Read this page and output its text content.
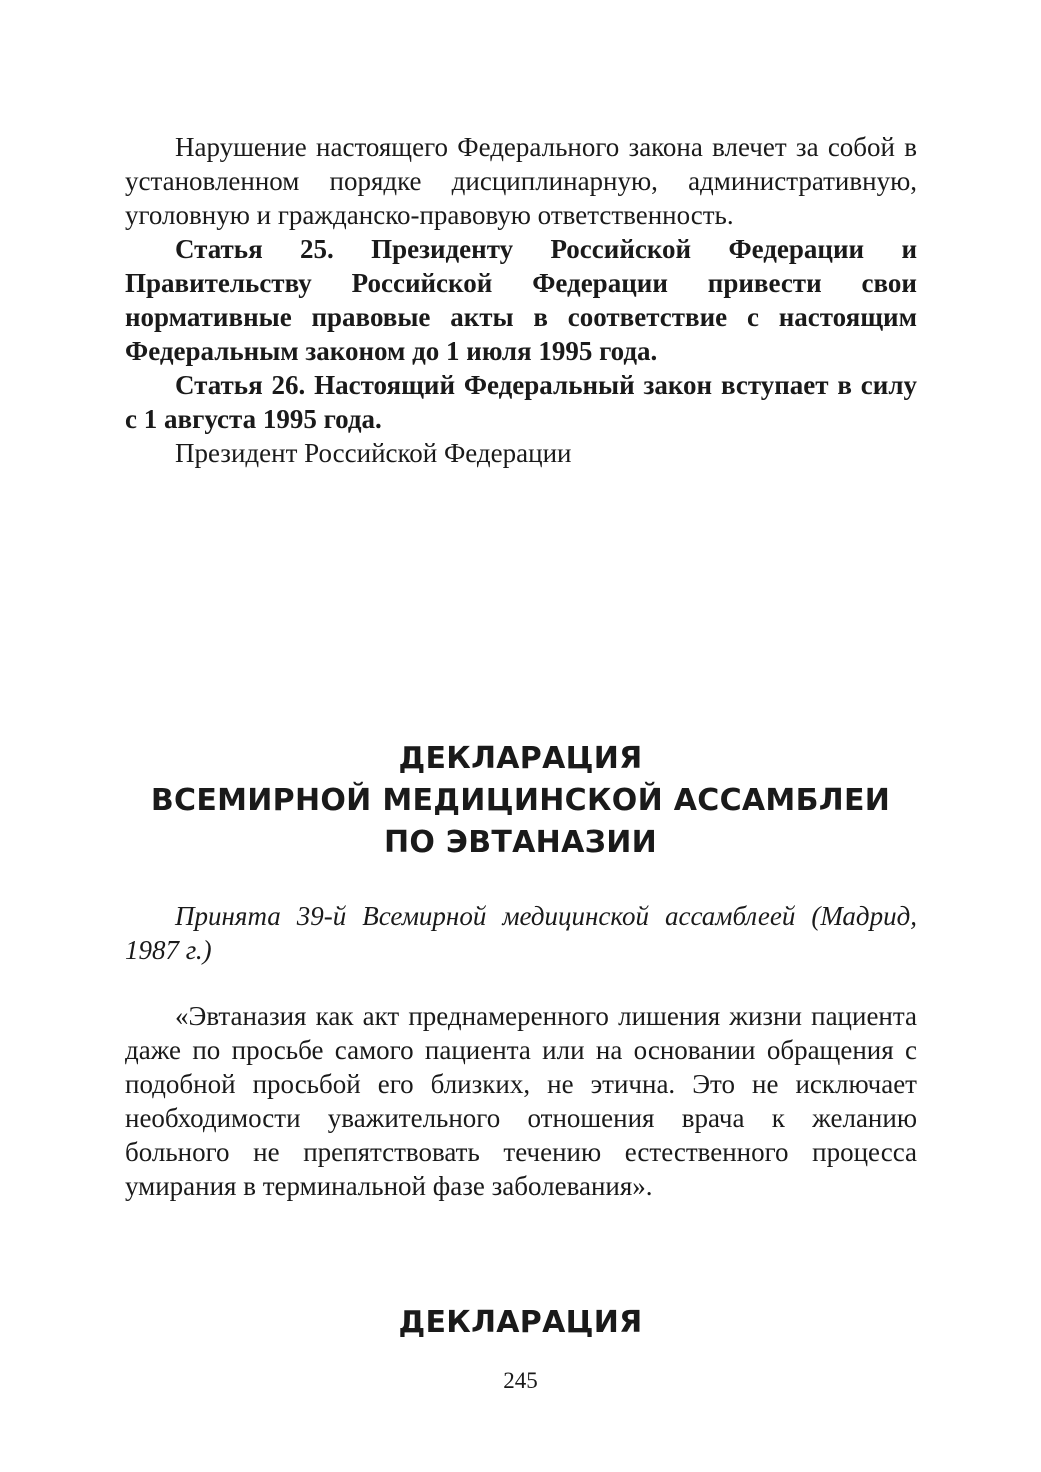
Нарушение настоящего Федерального закона влечет за собой в установленном порядке дисциплинарную, административную, уголовную и гражданско-правовую ответственность.

Статья 25. Президенту Российской Федерации и Правительству Российской Федерации привести свои нормативные правовые акты в соответствие с настоящим Федеральным законом до 1 июля 1995 года.

Статья 26. Настоящий Федеральный закон вступает в силу с 1 августа 1995 года.

Президент Российской Федерации

ДЕКЛАРАЦИЯ
ВСЕМИРНОЙ МЕДИЦИНСКОЙ АССАМБЛЕИ
ПО ЭВТАНАЗИИ

Принята 39-й Всемирной медицинской ассамблеей (Мадрид, 1987 г.)

«Эвтаназия как акт преднамеренного лишения жизни пациента даже по просьбе самого пациента или на основании обращения с подобной просьбой его близких, не этична. Это не исключает необходимости уважительного отношения врача к желанию больного не препятствовать течению естественного процесса умирания в терминальной фазе заболевания».

ДЕКЛАРАЦИЯ
245
